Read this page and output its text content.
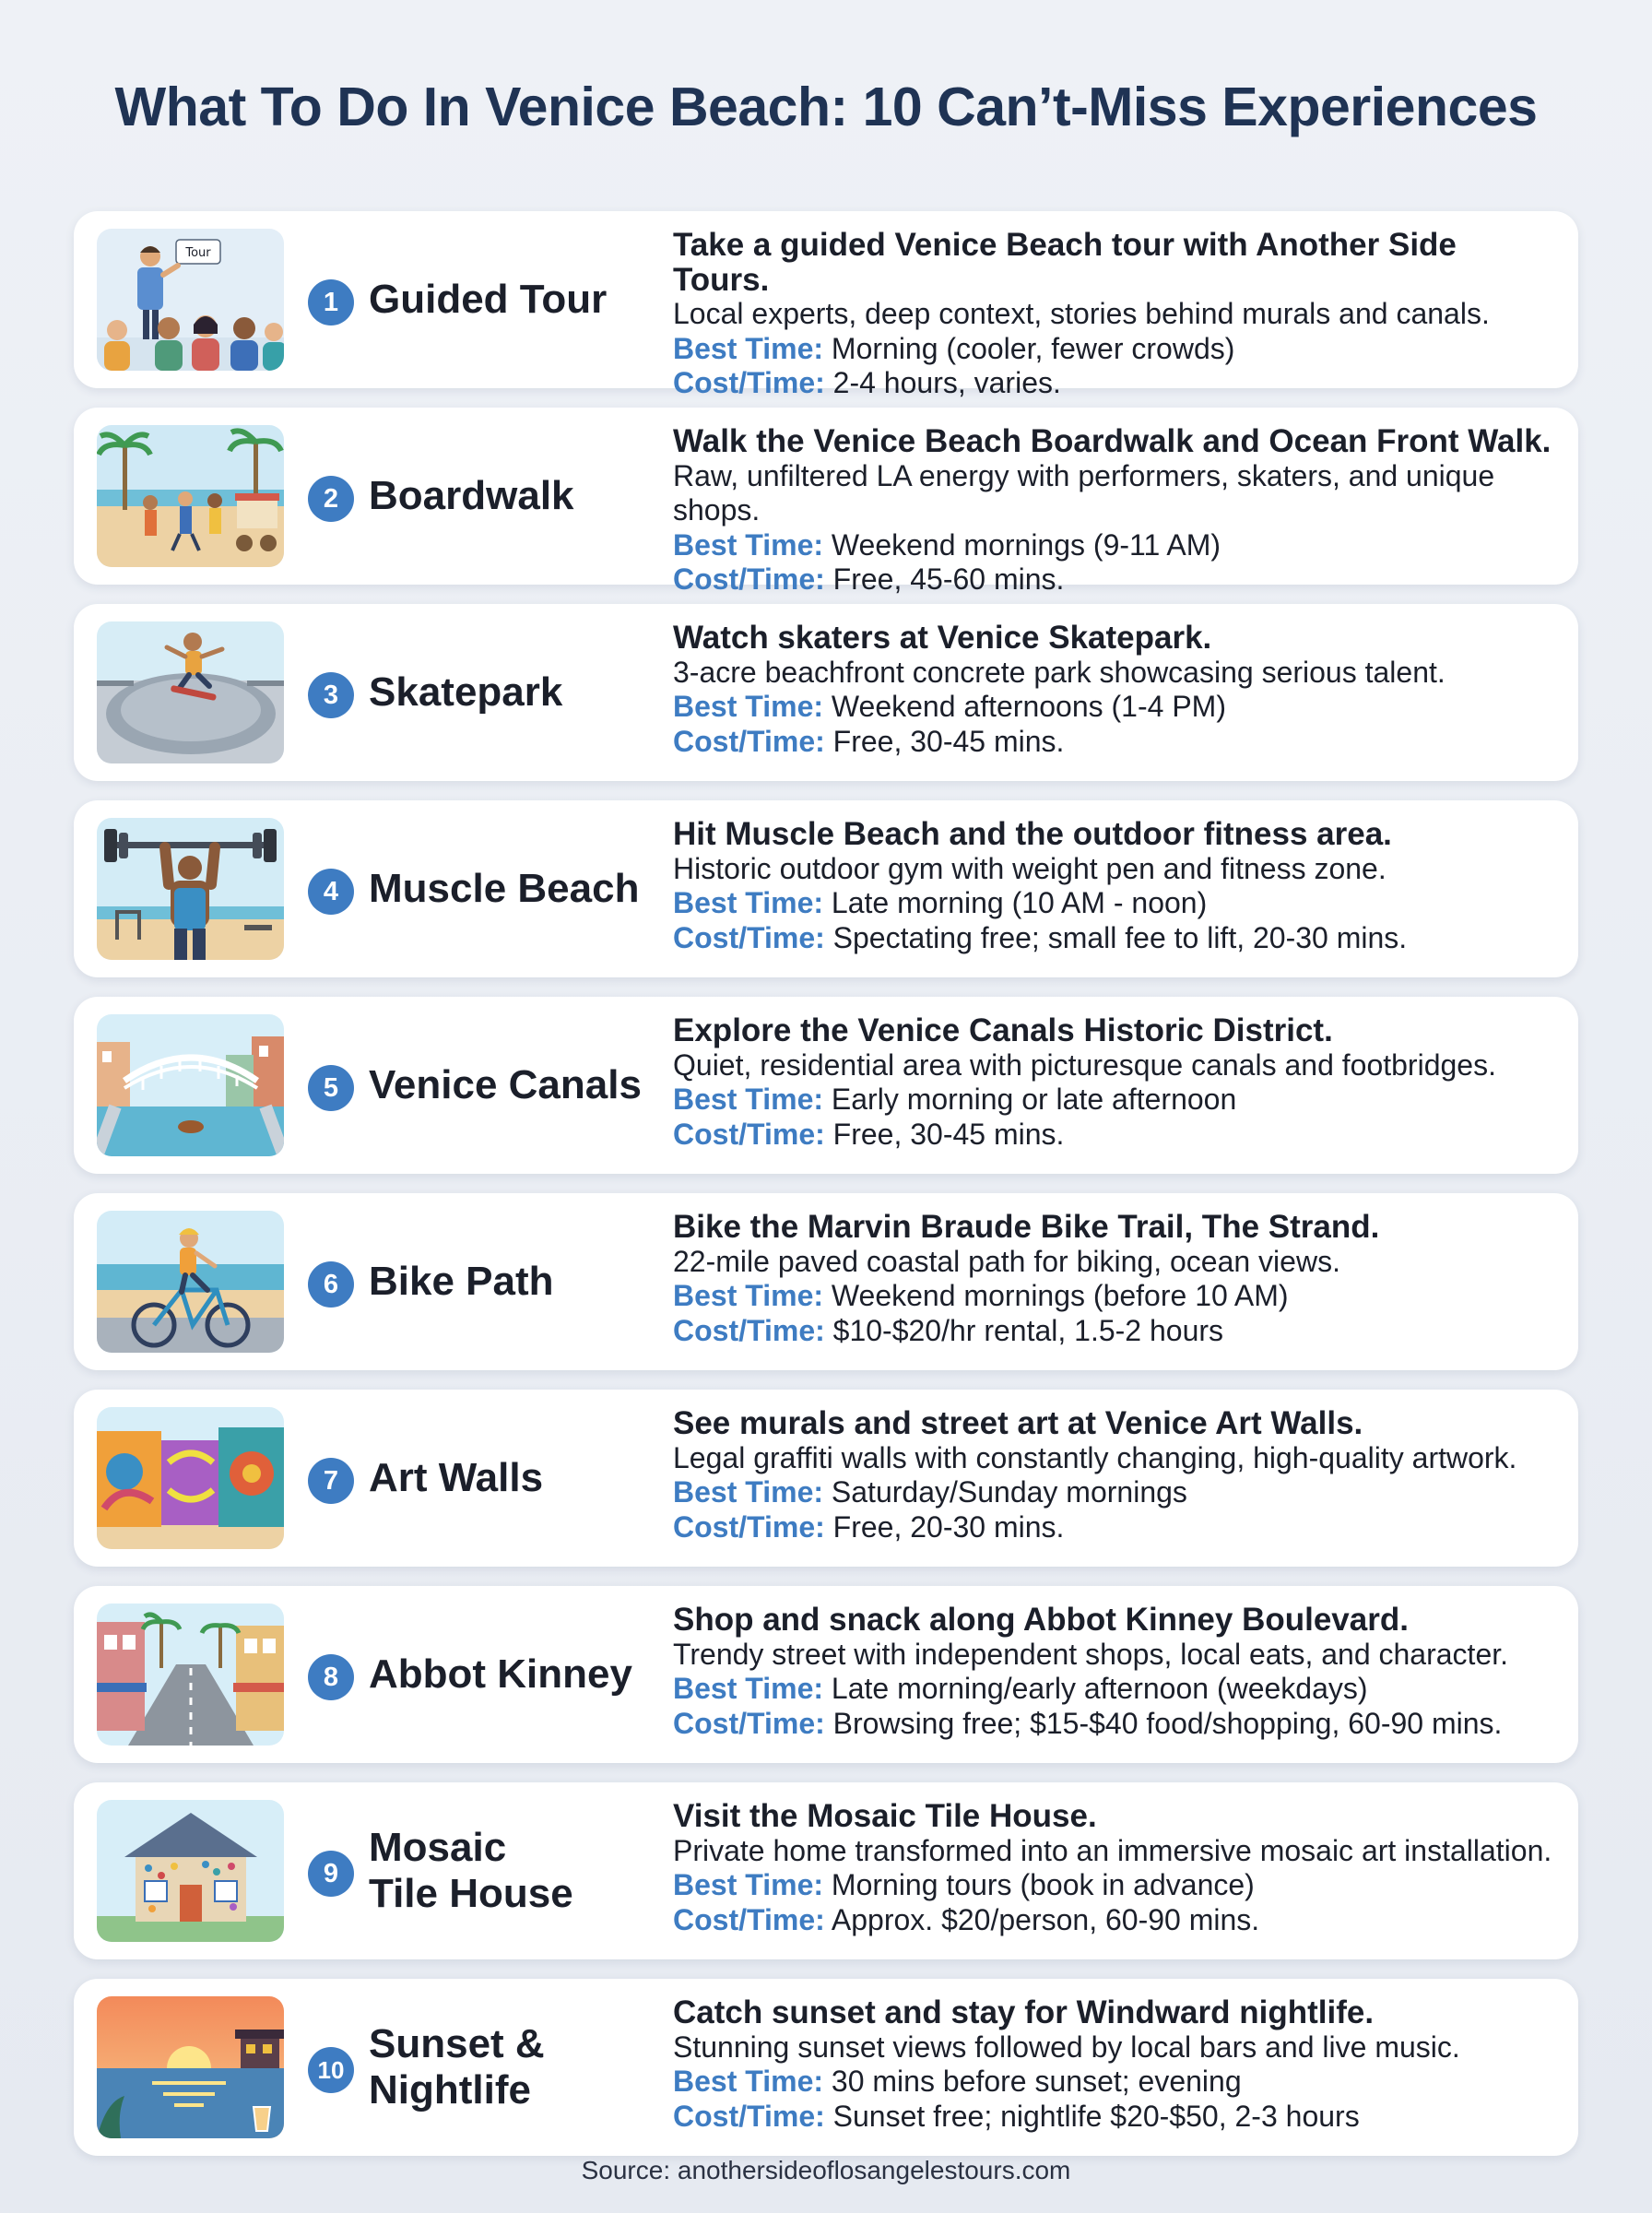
What To Do In Venice Beach: 10 Can’t-Miss Experiences
Tour
1 Guided Tour
Take a guided Venice Beach tour with Another Side Tours.
Local experts, deep context, stories behind murals and canals.
Best Time: Morning (cooler, fewer crowds)
Cost/Time: 2-4 hours, varies.
2 Boardwalk
Walk the Venice Beach Boardwalk and Ocean Front Walk.
Raw, unfiltered LA energy with performers, skaters, and unique shops.
Best Time: Weekend mornings (9-11 AM)
Cost/Time: Free, 45-60 mins.
3 Skatepark
Watch skaters at Venice Skatepark.
3-acre beachfront concrete park showcasing serious talent.
Best Time: Weekend afternoons (1-4 PM)
Cost/Time: Free, 30-45 mins.
4 Muscle Beach
Hit Muscle Beach and the outdoor fitness area.
Historic outdoor gym with weight pen and fitness zone.
Best Time: Late morning (10 AM - noon)
Cost/Time: Spectating free; small fee to lift, 20-30 mins.
5 Venice Canals
Explore the Venice Canals Historic District.
Quiet, residential area with picturesque canals and footbridges.
Best Time: Early morning or late afternoon
Cost/Time: Free, 30-45 mins.
6 Bike Path
Bike the Marvin Braude Bike Trail, The Strand.
22-mile paved coastal path for biking, ocean views.
Best Time: Weekend mornings (before 10 AM)
Cost/Time: $10-$20/hr rental, 1.5-2 hours
7 Art Walls
See murals and street art at Venice Art Walls.
Legal graffiti walls with constantly changing, high-quality artwork.
Best Time: Saturday/Sunday mornings
Cost/Time: Free, 20-30 mins.
8 Abbot Kinney
Shop and snack along Abbot Kinney Boulevard.
Trendy street with independent shops, local eats, and character.
Best Time: Late morning/early afternoon (weekdays)
Cost/Time: Browsing free; $15-$40 food/shopping, 60-90 mins.
9
Mosaic
Tile House
Visit the Mosaic Tile House.
Private home transformed into an immersive mosaic art installation.
Best Time: Morning tours (book in advance)
Cost/Time: Approx. $20/person, 60-90 mins.
10
Sunset &
Nightlife
Catch sunset and stay for Windward nightlife.
Stunning sunset views followed by local bars and live music.
Best Time: 30 mins before sunset; evening
Cost/Time: Sunset free; nightlife $20-$50, 2-3 hours
Source: anothersideoflosangelestours.com
